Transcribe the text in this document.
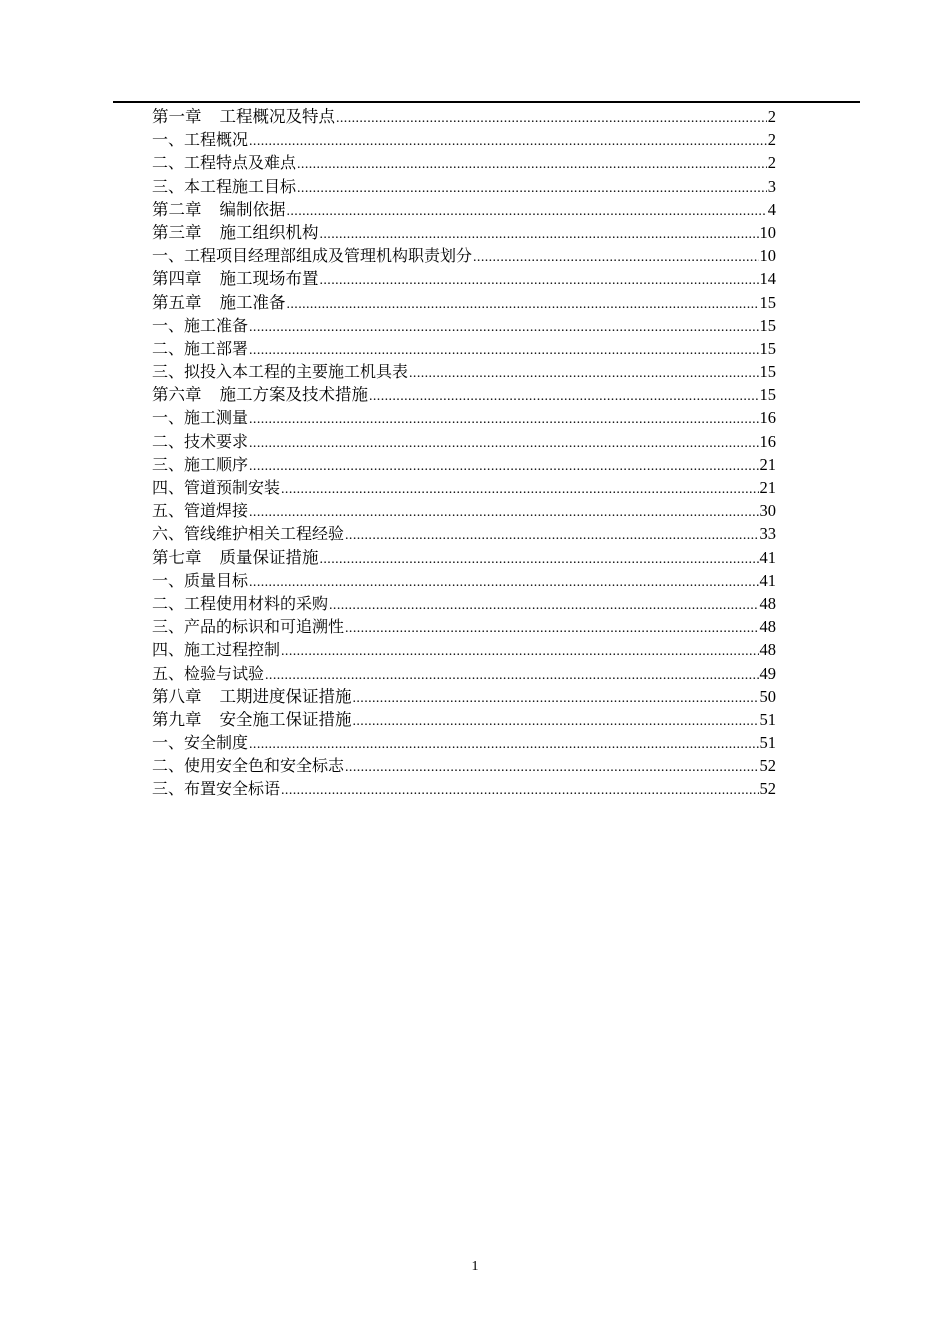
第一章 工程概况及特点 .....	2
一、工程概况 .....	2
二、工程特点及难点 .....	2
三、本工程施工目标 .....	3
第二章 编制依据 .....	4
第三章 施工组织机构 .....	10
一、工程项目经理部组成及管理机构职责划分 .....	10
第四章 施工现场布置 .....	14
第五章 施工准备 .....	15
一、施工准备 .....	15
二、施工部署 .....	15
三、拟投入本工程的主要施工机具表 .....	15
第六章 施工方案及技术措施 .....	15
一、施工测量 .....	16
二、技术要求 .....	16
三、施工顺序 .....	21
四、管道预制安装 .....	21
五、管道焊接 .....	30
六、管线维护相关工程经验 .....	33
第七章 质量保证措施 .....	41
一、质量目标 .....	41
二、工程使用材料的采购 .....	48
三、产品的标识和可追溯性 .....	48
四、施工过程控制 .....	48
五、检验与试验 .....	49
第八章 工期进度保证措施 .....	50
第九章 安全施工保证措施 .....	51
一、安全制度 .....	51
二、使用安全色和安全标志 .....	52
三、布置安全标语 .....	52
1
